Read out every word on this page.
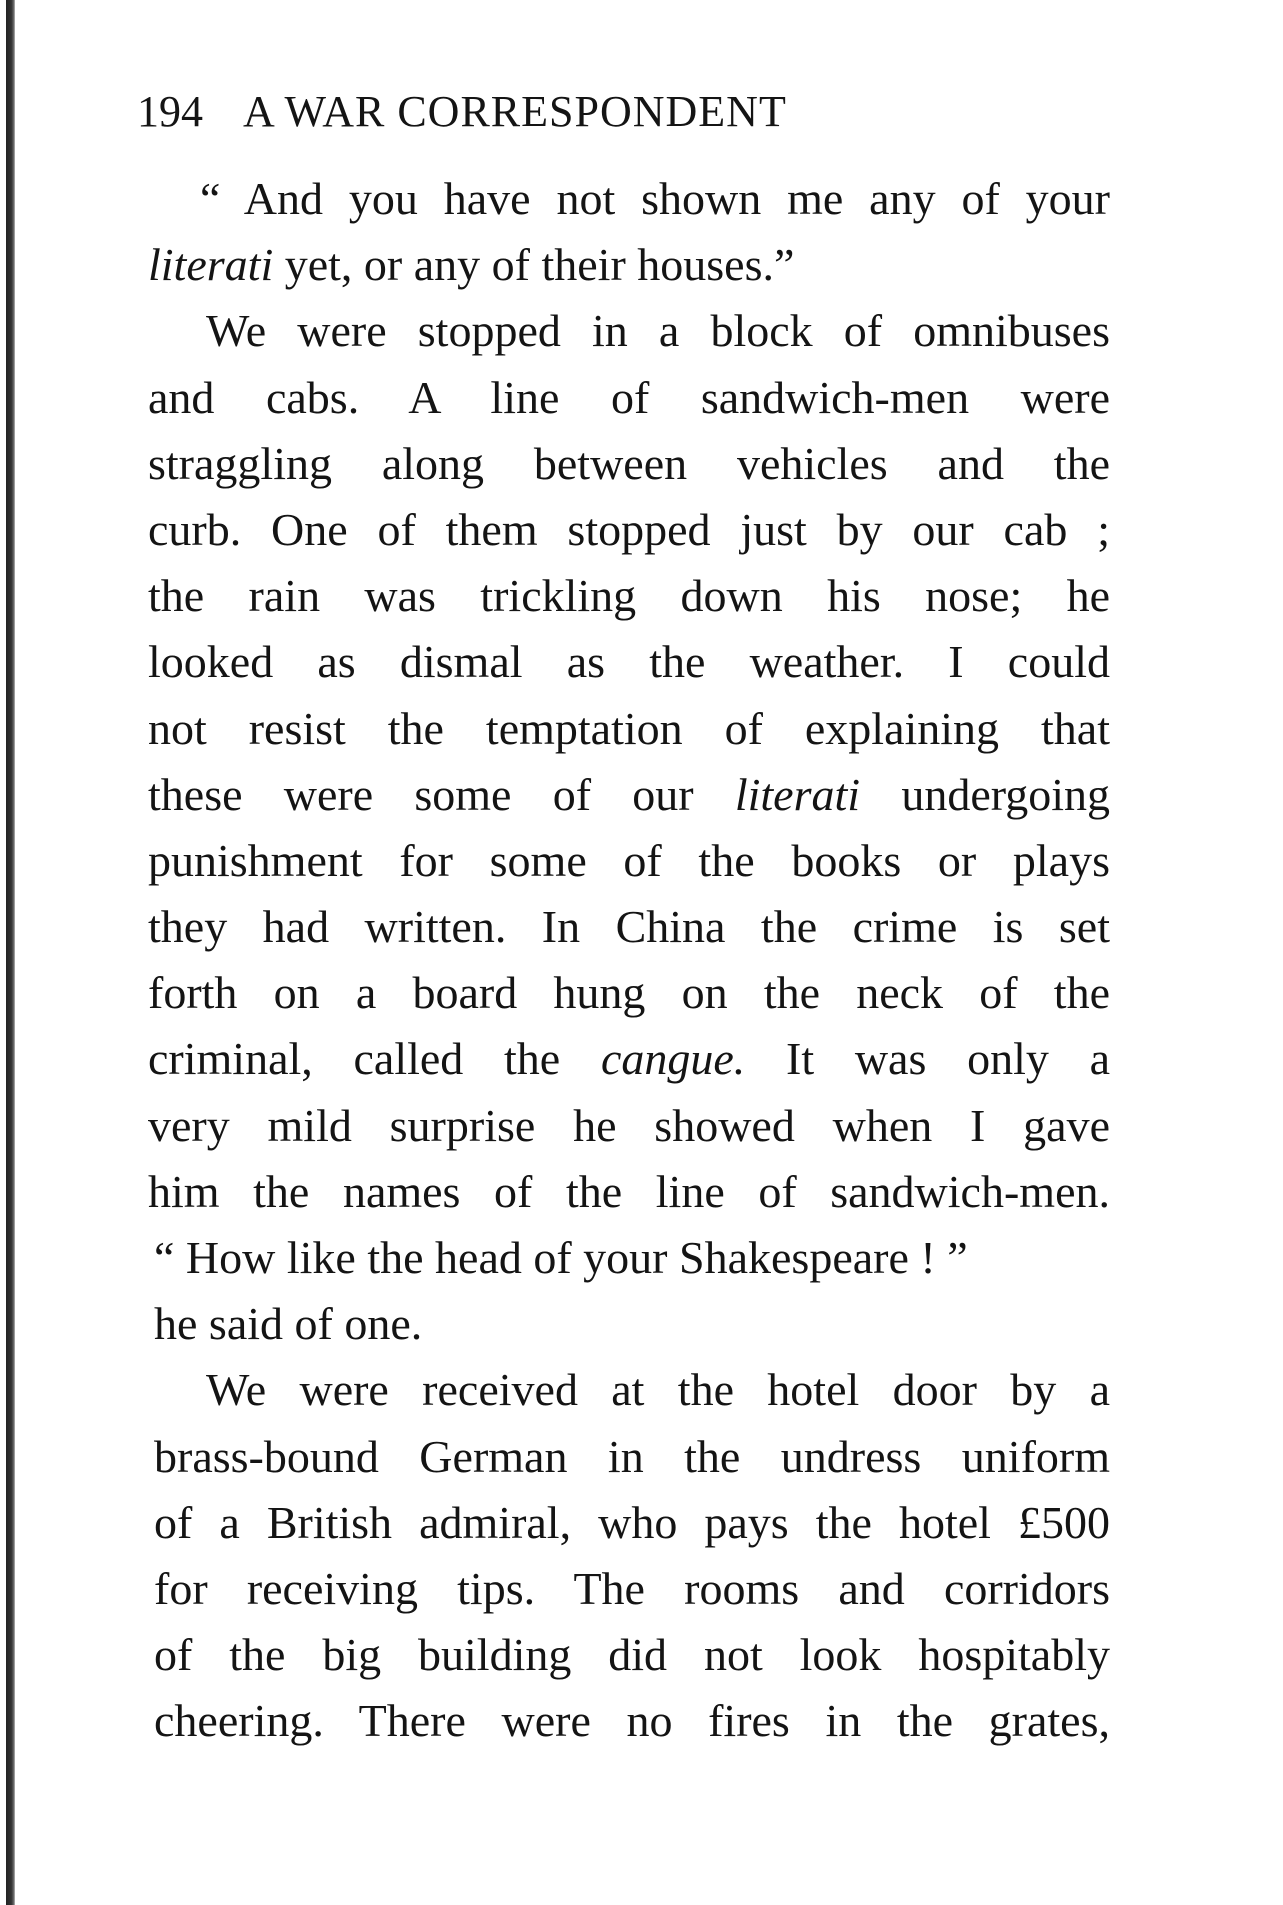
194 A WAR CORRESPONDENT
“ And you have not shown me any of your
literati yet, or any of their houses.”
We were stopped in a block of omnibuses
and cabs. A line of sandwich-men were
straggling along between vehicles and the
curb. One of them stopped just by our cab ;
the rain was trickling down his nose; he
looked as dismal as the weather. I could
not resist the temptation of explaining that
these were some of our literati undergoing
punishment for some of the books or plays
they had written. In China the crime is set
forth on a board hung on the neck of the
criminal, called the cangue. It was only a
very mild surprise he showed when I gave
him the names of the line of sandwich-men.
“ How like the head of your Shakespeare ! ”
he said of one.
We were received at the hotel door by a
brass-bound German in the undress uniform
of a British admiral, who pays the hotel £500
for receiving tips. The rooms and corridors
of the big building did not look hospitably
cheering. There were no fires in the grates,
